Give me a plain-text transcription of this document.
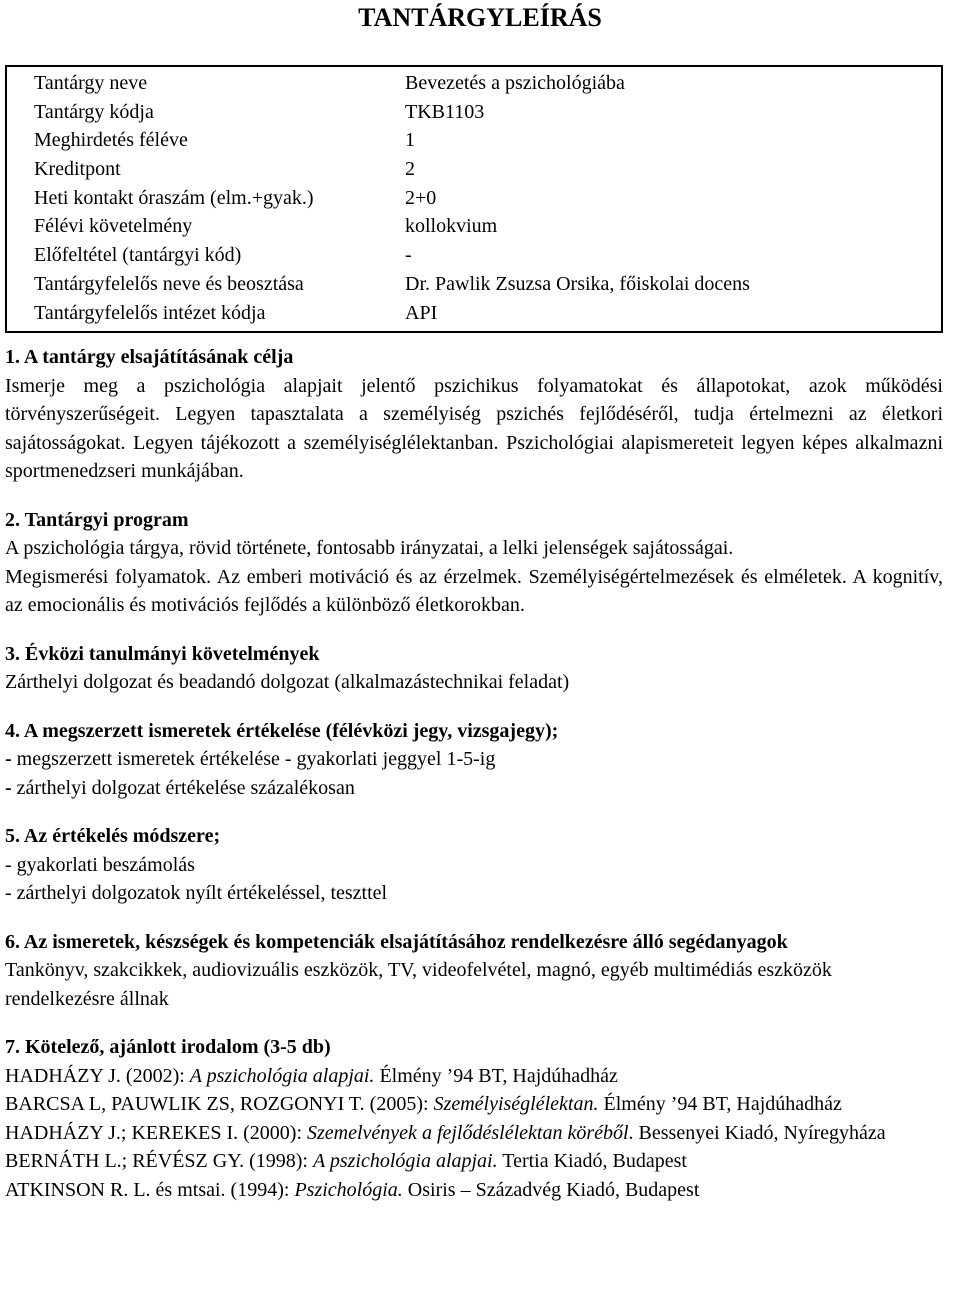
TANTÁRGYLEÍRÁS
Tantárgy neve	Bevezetés a pszichológiába
Tantárgy kódja	TKB1103
Meghirdetés féléve	1
Kreditpont	2
Heti kontakt óraszám (elm.+gyak.)	2+0
Félévi követelmény	kollokvium
Előfeltétel (tantárgyi kód)	-
Tantárgyfelelős neve és beosztása	Dr. Pawlik Zsuzsa Orsika, főiskolai docens
Tantárgyfelelős intézet kódja	API
1. A tantárgy elsajátításának célja
Ismerje meg a pszichológia alapjait jelentő pszichikus folyamatokat és állapotokat, azok működési törvényszerűségeit. Legyen tapasztalata a személyiség pszichés fejlődéséről, tudja értelmezni az életkori sajátosságokat. Legyen tájékozott a személyiséglélektanban. Pszichológiai alapismereteit legyen képes alkalmazni sportmenedzseri munkájában.
2. Tantárgyi program
A pszichológia tárgya, rövid története, fontosabb irányzatai, a lelki jelenségek sajátosságai.
Megismerési folyamatok. Az emberi motiváció és az érzelmek. Személyiségértelmezések és elméletek. A kognitív, az emocionális és motivációs fejlődés a különböző életkorokban.
3. Évközi tanulmányi követelmények
Zárthelyi dolgozat és beadandó dolgozat (alkalmazástechnikai feladat)
4. A megszerzett ismeretek értékelése (félévközi jegy, vizsgajegy);
- megszerzett ismeretek értékelése - gyakorlati jeggyel 1-5-ig
- zárthelyi dolgozat értékelése százalékosan
5. Az értékelés módszere;
- gyakorlati beszámolás
- zárthelyi dolgozatok nyílt értékeléssel, teszttel
6. Az ismeretek, készségek és kompetenciák elsajátításához rendelkezésre álló segédanyagok
Tankönyv, szakcikkek, audiovizuális eszközök, TV, videofelvétel, magnó, egyéb multimédiás eszközök rendelkezésre állnak
7. Kötelező, ajánlott irodalom (3-5 db)
HADHÁZY J. (2002): A pszichológia alapjai. Élmény ’94 BT, Hajdúhadház
BARCSA L, PAUWLIK ZS, ROZGONYI T. (2005): Személyiséglélektan. Élmény ’94 BT, Hajdúhadház
HADHÁZY J.; KEREKES I. (2000): Szemelvények a fejlődéslélektan köréből. Bessenyei Kiadó, Nyíregyháza
BERNÁTH L.; RÉVÉSZ GY. (1998): A pszichológia alapjai. Tertia Kiadó, Budapest
ATKINSON R. L. és mtsai. (1994): Pszichológia. Osiris – Századvég Kiadó, Budapest
